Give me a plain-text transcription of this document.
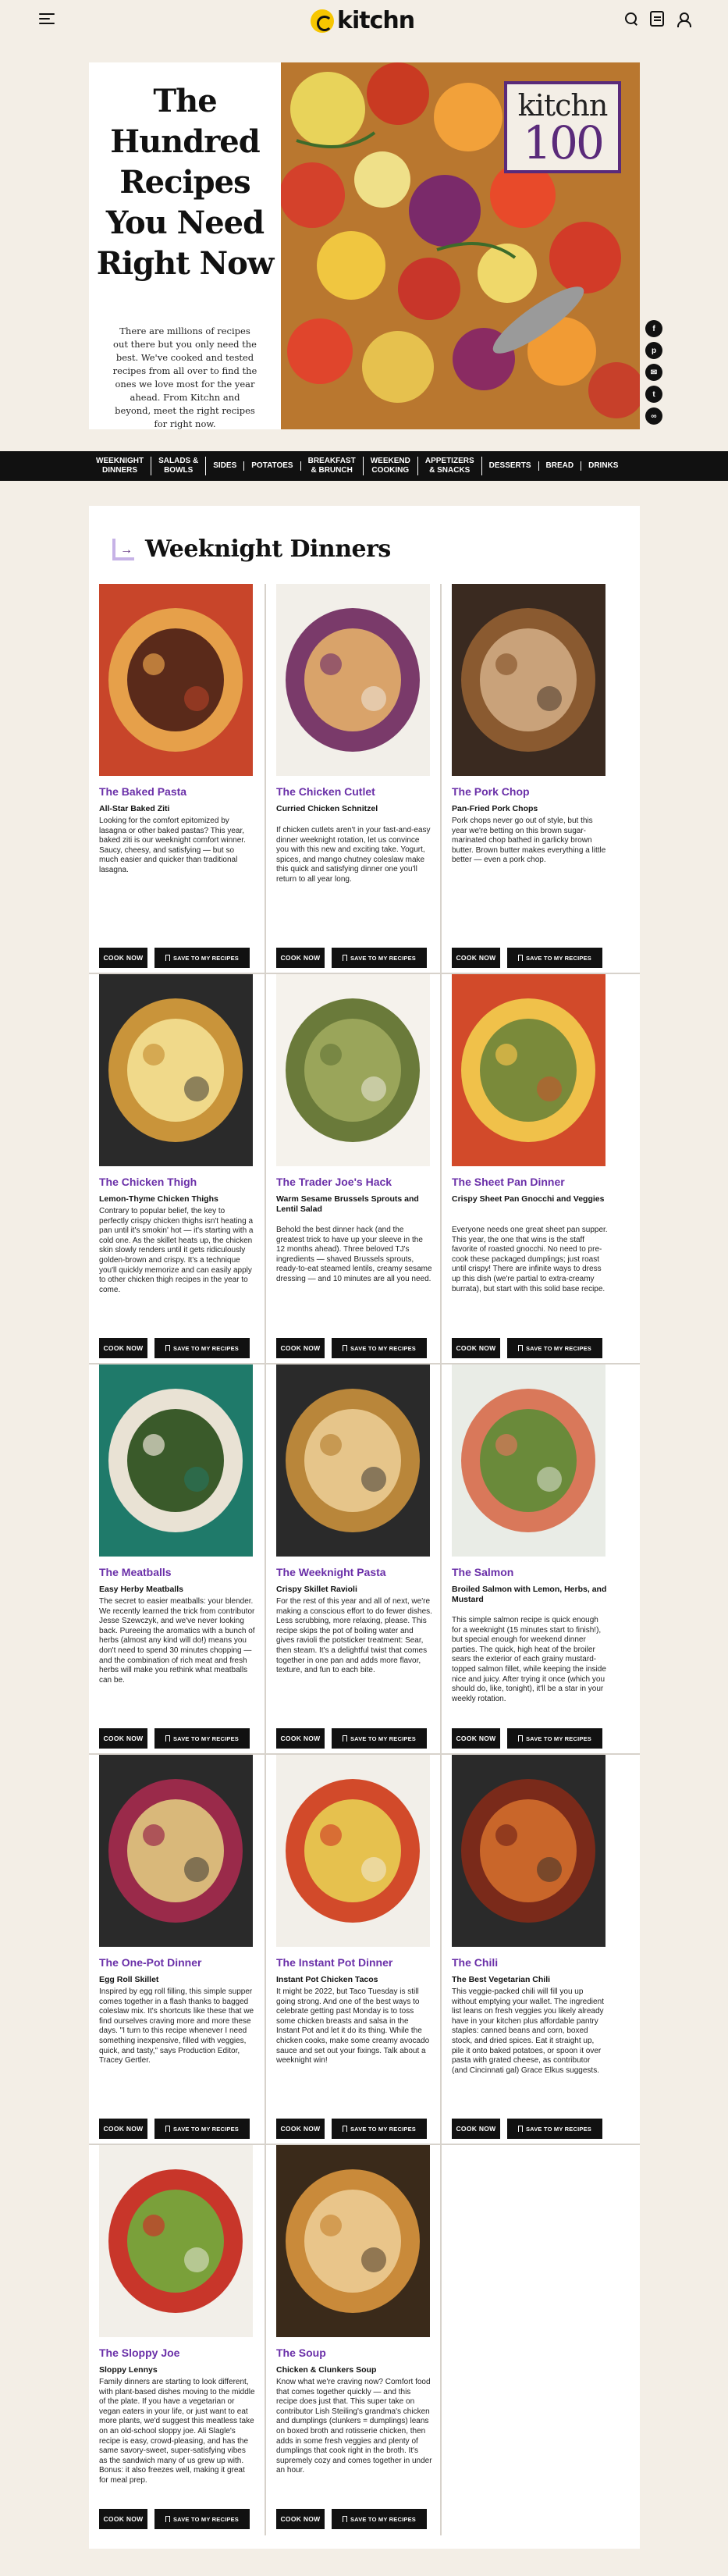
kitchn
The Hundred Recipes You Need Right Now

There are millions of recipes out there but you only need the best. We've cooked and tested recipes from all over to find the ones we love most for the year ahead. From Kitchn and beyond, meet the right recipes for right now.

kitchn
100
f
p
✉
t
∞
WEEKNIGHT
DINNERS
SALADS &
BOWLS
SIDES	POTATOES
BREAKFAST
& BRUNCH
WEEKEND
COOKING
APPETIZERS
& SNACKS
DESSERTS	BREAD	DRINKS
→ Weeknight Dinners
The Baked Pasta
All-Star Baked Ziti
Looking for the comfort epitomized by lasagna or other baked pastas? This year, baked ziti is our weeknight comfort winner. Saucy, cheesy, and satisfying — but so much easier and quicker than traditional lasagna.
COOK NOW	SAVE TO MY RECIPES
The Chicken Cutlet
Curried Chicken Schnitzel
If chicken cutlets aren't in your fast-and-easy dinner weeknight rotation, let us convince you with this new and exciting take. Yogurt, spices, and mango chutney coleslaw make this quick and satisfying dinner one you'll return to all year long.
COOK NOW	SAVE TO MY RECIPES
The Pork Chop
Pan-Fried Pork Chops
Pork chops never go out of style, but this year we're betting on this brown sugar-marinated chop bathed in garlicky brown butter. Brown butter makes everything a little better — even a pork chop.
COOK NOW	SAVE TO MY RECIPES
The Chicken Thigh
Lemon-Thyme Chicken Thighs
Contrary to popular belief, the key to perfectly crispy chicken thighs isn't heating a pan until it's smokin' hot — it's starting with a cold one. As the skillet heats up, the chicken skin slowly renders until it gets ridiculously golden-brown and crispy. It's a technique you'll quickly memorize and can easily apply to other chicken thigh recipes in the year to come.
COOK NOW	SAVE TO MY RECIPES
The Trader Joe's Hack
Warm Sesame Brussels Sprouts and Lentil Salad
Behold the best dinner hack (and the greatest trick to have up your sleeve in the 12 months ahead). Three beloved TJ's ingredients — shaved Brussels sprouts, ready-to-eat steamed lentils, creamy sesame dressing — and 10 minutes are all you need.
COOK NOW	SAVE TO MY RECIPES
The Sheet Pan Dinner
Crispy Sheet Pan Gnocchi and Veggies
Everyone needs one great sheet pan supper. This year, the one that wins is the staff favorite of roasted gnocchi. No need to pre-cook these packaged dumplings; just roast until crispy! There are infinite ways to dress up this dish (we're partial to extra-creamy burrata), but start with this solid base recipe.
COOK NOW	SAVE TO MY RECIPES
The Meatballs
Easy Herby Meatballs
The secret to easier meatballs: your blender. We recently learned the trick from contributor Jesse Szewczyk, and we've never looking back. Pureeing the aromatics with a bunch of herbs (almost any kind will do!) means you don't need to spend 30 minutes chopping — and the combination of rich meat and fresh herbs will make you rethink what meatballs can be.
COOK NOW	SAVE TO MY RECIPES
The Weeknight Pasta
Crispy Skillet Ravioli
For the rest of this year and all of next, we're making a conscious effort to do fewer dishes. Less scrubbing, more relaxing, please. This recipe skips the pot of boiling water and gives ravioli the potsticker treatment: Sear, then steam. It's a delightful twist that comes together in one pan and adds more flavor, texture, and fun to each bite.
COOK NOW	SAVE TO MY RECIPES
The Salmon
Broiled Salmon with Lemon, Herbs, and Mustard
This simple salmon recipe is quick enough for a weeknight (15 minutes start to finish!), but special enough for weekend dinner parties. The quick, high heat of the broiler sears the exterior of each grainy mustard-topped salmon fillet, while keeping the inside nice and juicy. After trying it once (which you should do, like, tonight), it'll be a star in your weekly rotation.
COOK NOW	SAVE TO MY RECIPES
The One-Pot Dinner
Egg Roll Skillet
Inspired by egg roll filling, this simple supper comes together in a flash thanks to bagged coleslaw mix. It's shortcuts like these that we find ourselves craving more and more these days. "I turn to this recipe whenever I need something inexpensive, filled with veggies, quick, and tasty," says Production Editor, Tracey Gertler.
COOK NOW	SAVE TO MY RECIPES
The Instant Pot Dinner
Instant Pot Chicken Tacos
It might be 2022, but Taco Tuesday is still going strong. And one of the best ways to celebrate getting past Monday is to toss some chicken breasts and salsa in the Instant Pot and let it do its thing. While the chicken cooks, make some creamy avocado sauce and set out your fixings. Talk about a weeknight win!
COOK NOW	SAVE TO MY RECIPES
The Chili
The Best Vegetarian Chili
This veggie-packed chili will fill you up without emptying your wallet. The ingredient list leans on fresh veggies you likely already have in your kitchen plus affordable pantry staples: canned beans and corn, boxed stock, and dried spices. Eat it straight up, pile it onto baked potatoes, or spoon it over pasta with grated cheese, as contributor (and Cincinnati gal) Grace Elkus suggests.
COOK NOW	SAVE TO MY RECIPES
The Sloppy Joe
Sloppy Lennys
Family dinners are starting to look different, with plant-based dishes moving to the middle of the plate. If you have a vegetarian or vegan eaters in your life, or just want to eat more plants, we'd suggest this meatless take on an old-school sloppy joe. Ali Slagle's recipe is easy, crowd-pleasing, and has the same savory-sweet, super-satisfying vibes as the sandwich many of us grew up with. Bonus: it also freezes well, making it great for meal prep.
COOK NOW	SAVE TO MY RECIPES
The Soup
Chicken & Clunkers Soup
Know what we're craving now? Comfort food that comes together quickly — and this recipe does just that. This super take on contributor Lish Steiling's grandma's chicken and dumplings (clunkers = dumplings) leans on boxed broth and rotisserie chicken, then adds in some fresh veggies and plenty of dumplings that cook right in the broth. It's supremely cozy and comes together in under an hour.
COOK NOW	SAVE TO MY RECIPES
